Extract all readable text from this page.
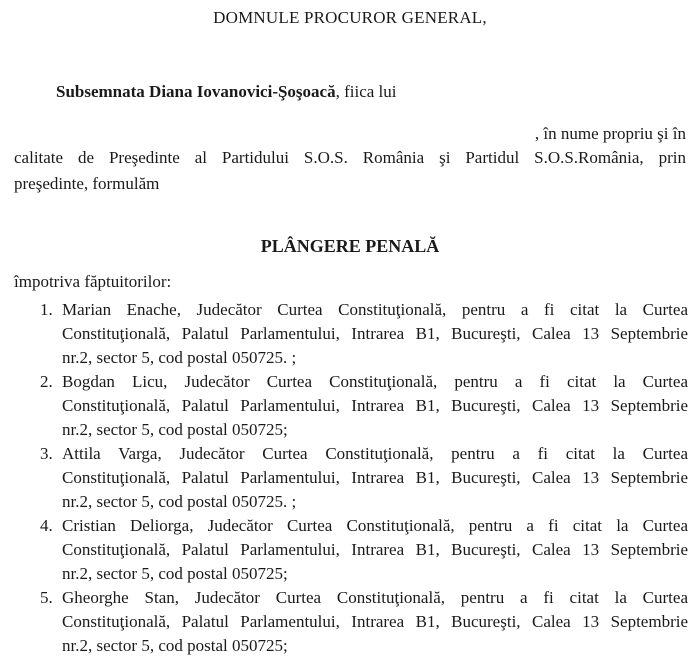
DOMNULE PROCUROR GENERAL,
Subsemnata Diana Iovanovici-Şoşoacă, fiica lui
, în nume propriu şi în
calitate de Preşedinte al Partidului S.O.S. România şi Partidul S.O.S.România, prin
preşedinte, formulăm
PLÂNGERE PENALĂ
împotriva făptuitorilor:
1. Marian Enache, Judecător Curtea Constituţională, pentru a fi citat la Curtea
Constituţională, Palatul Parlamentului, Intrarea B1, Bucureşti, Calea 13 Septembrie
nr.2, sector 5, cod postal 050725. ;
2. Bogdan Licu, Judecător Curtea Constituţională, pentru a fi citat la Curtea
Constituţională, Palatul Parlamentului, Intrarea B1, Bucureşti, Calea 13 Septembrie
nr.2, sector 5, cod postal 050725;
3. Attila Varga, Judecător Curtea Constituţională, pentru a fi citat la Curtea
Constituţională, Palatul Parlamentului, Intrarea B1, Bucureşti, Calea 13 Septembrie
nr.2, sector 5, cod postal 050725. ;
4. Cristian Deliorga, Judecător Curtea Constituţională, pentru a fi citat la Curtea
Constituţională, Palatul Parlamentului, Intrarea B1, Bucureşti, Calea 13 Septembrie
nr.2, sector 5, cod postal 050725;
5. Gheorghe Stan, Judecător Curtea Constituţională, pentru a fi citat la Curtea
Constituţională, Palatul Parlamentului, Intrarea B1, Bucureşti, Calea 13 Septembrie
nr.2, sector 5, cod postal 050725;
